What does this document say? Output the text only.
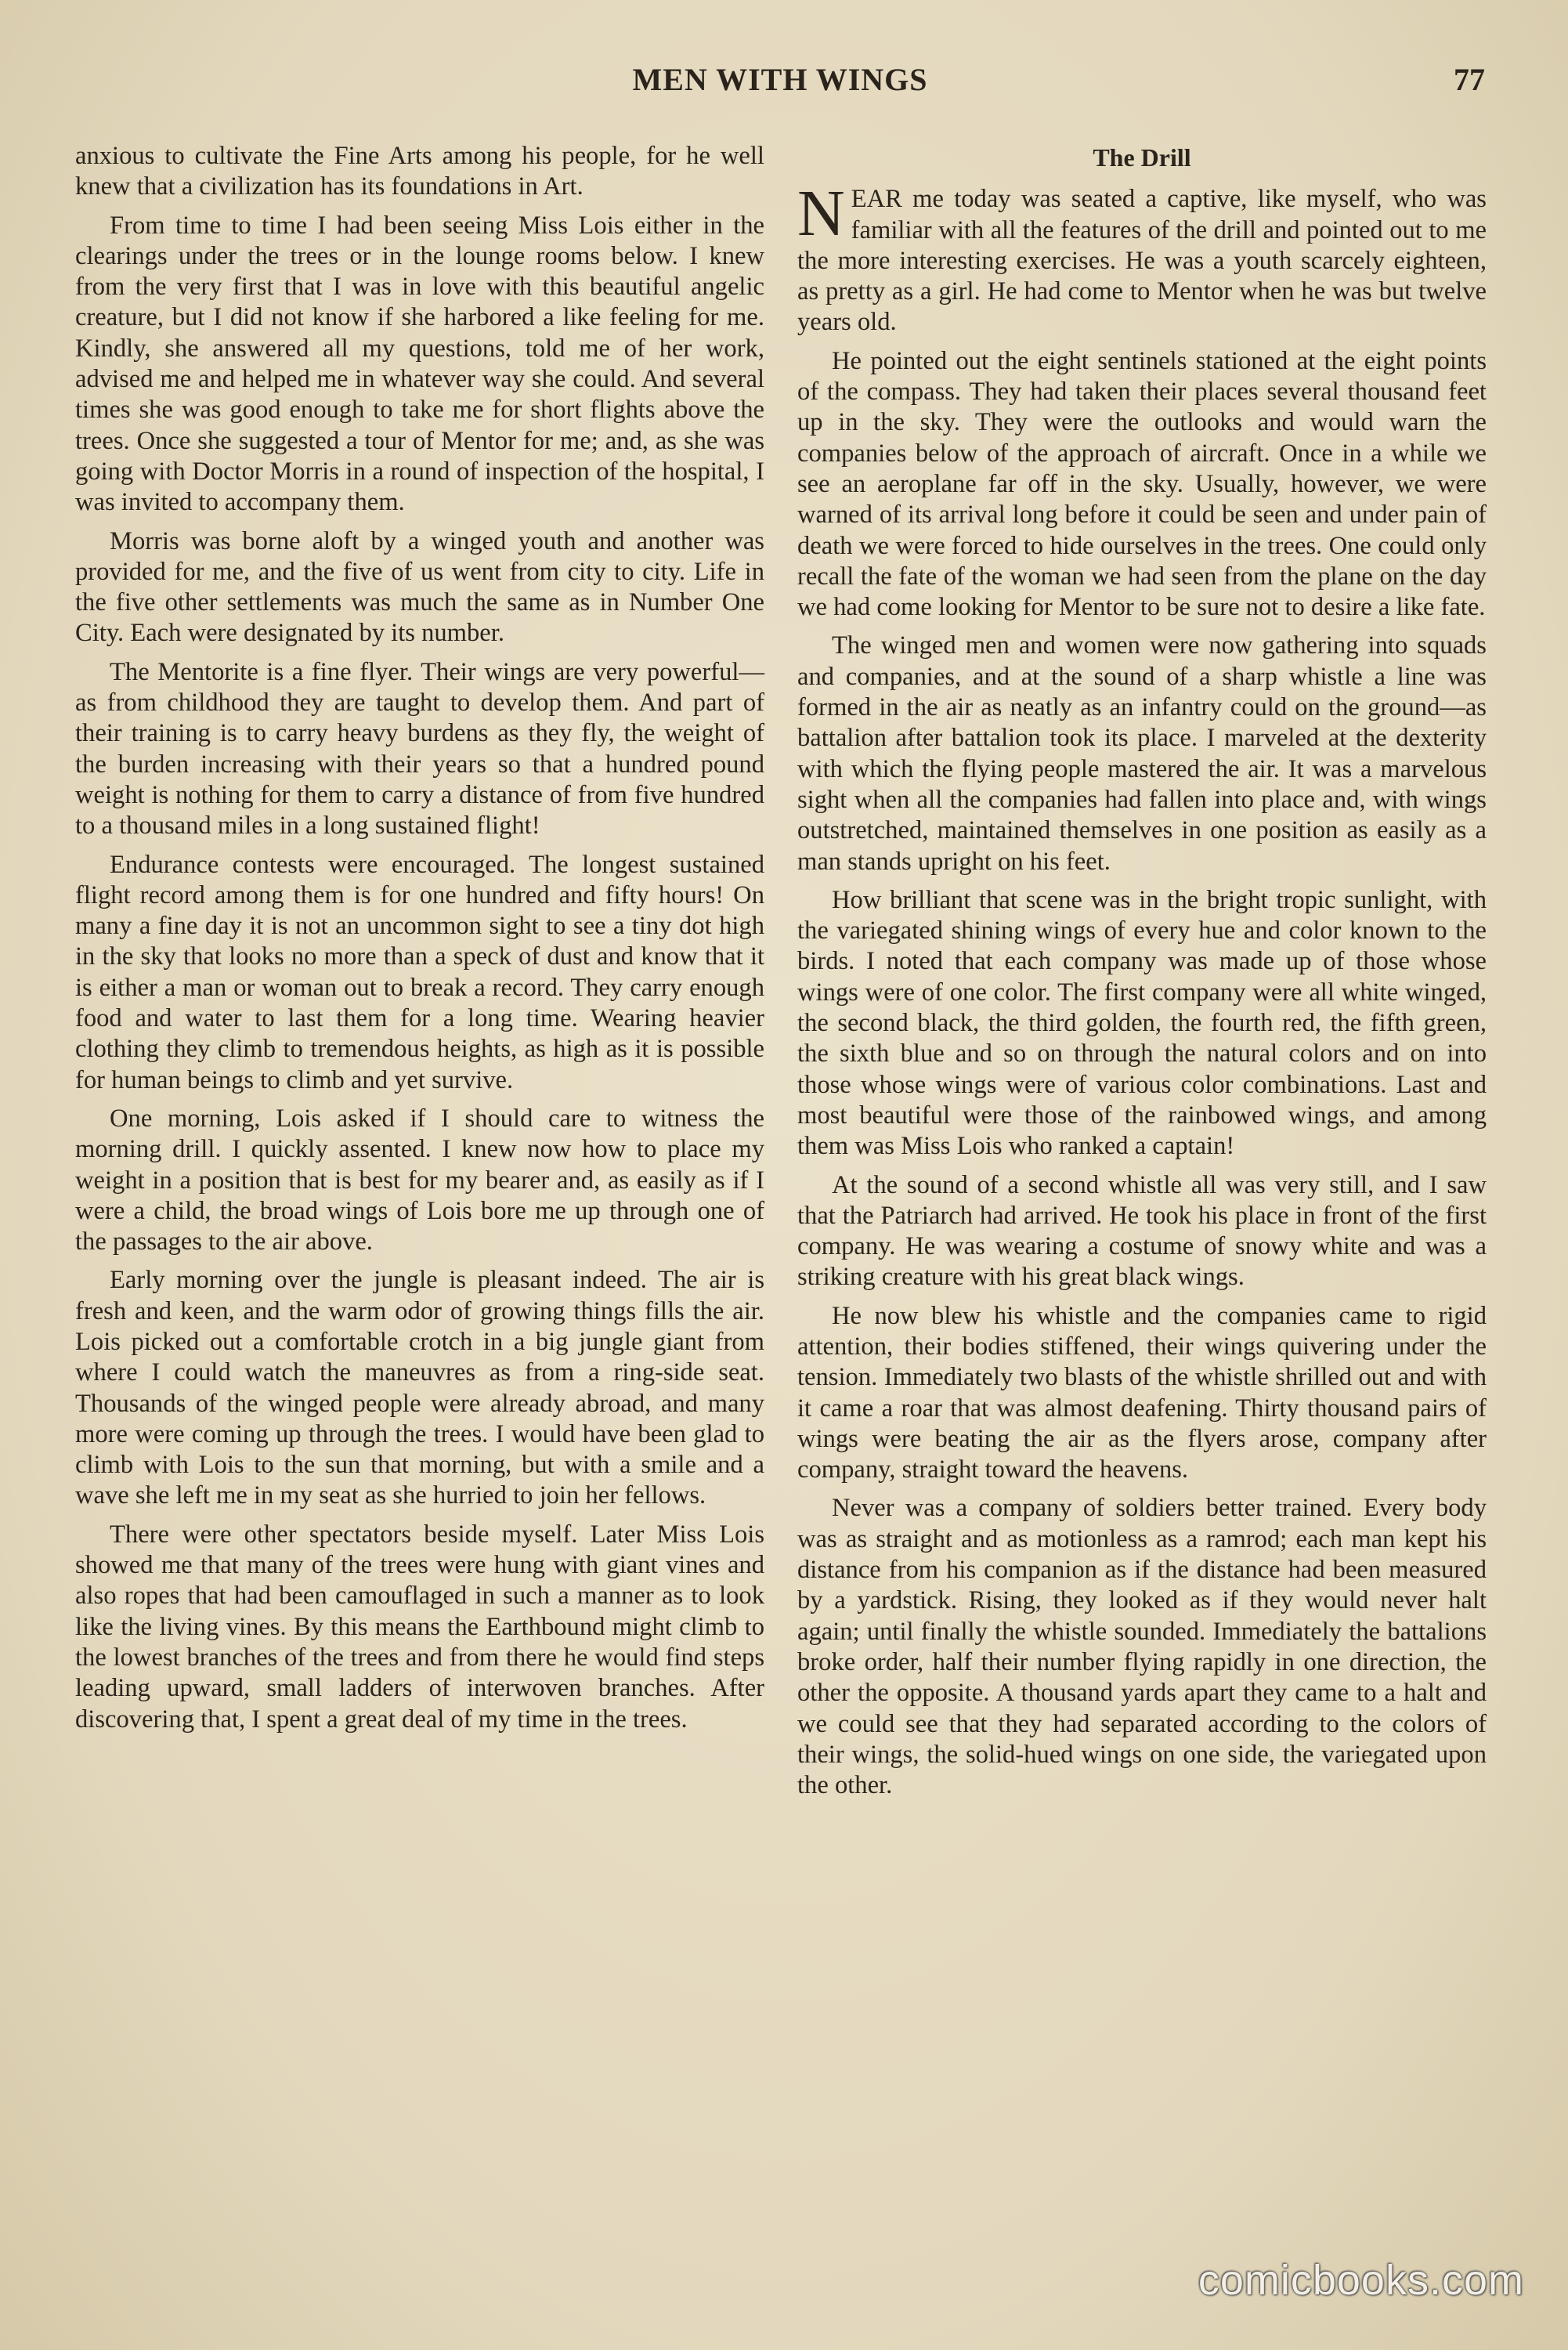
MEN WITH WINGS	77

anxious to cultivate the Fine Arts among his people, for he well knew that a civilization has its foundations in Art.

From time to time I had been seeing Miss Lois either in the clearings under the trees or in the lounge rooms below. I knew from the very first that I was in love with this beautiful angelic creature, but I did not know if she harbored a like feeling for me. Kindly, she answered all my questions, told me of her work, advised me and helped me in whatever way she could. And several times she was good enough to take me for short flights above the trees. Once she suggested a tour of Mentor for me; and, as she was going with Doctor Morris in a round of inspection of the hospital, I was invited to accompany them.

Morris was borne aloft by a winged youth and another was provided for me, and the five of us went from city to city. Life in the five other settlements was much the same as in Number One City. Each were designated by its number.

The Mentorite is a fine flyer. Their wings are very powerful—as from childhood they are taught to develop them. And part of their training is to carry heavy burdens as they fly, the weight of the burden increasing with their years so that a hundred pound weight is nothing for them to carry a distance of from five hundred to a thousand miles in a long sustained flight!

Endurance contests were encouraged. The longest sustained flight record among them is for one hundred and fifty hours! On many a fine day it is not an uncommon sight to see a tiny dot high in the sky that looks no more than a speck of dust and know that it is either a man or woman out to break a record. They carry enough food and water to last them for a long time. Wearing heavier clothing they climb to tremendous heights, as high as it is possible for human beings to climb and yet survive.

One morning, Lois asked if I should care to witness the morning drill. I quickly assented. I knew now how to place my weight in a position that is best for my bearer and, as easily as if I were a child, the broad wings of Lois bore me up through one of the passages to the air above.

Early morning over the jungle is pleasant indeed. The air is fresh and keen, and the warm odor of growing things fills the air. Lois picked out a comfortable crotch in a big jungle giant from where I could watch the maneuvres as from a ring-side seat. Thousands of the winged people were already abroad, and many more were coming up through the trees. I would have been glad to climb with Lois to the sun that morning, but with a smile and a wave she left me in my seat as she hurried to join her fellows.

There were other spectators beside myself. Later Miss Lois showed me that many of the trees were hung with giant vines and also ropes that had been camouflaged in such a manner as to look like the living vines. By this means the Earthbound might climb to the lowest branches of the trees and from there he would find steps leading upward, small ladders of interwoven branches. After discovering that, I spent a great deal of my time in the trees.

The Drill

NEAR me today was seated a captive, like myself, who was familiar with all the features of the drill and pointed out to me the more interesting exercises. He was a youth scarcely eighteen, as pretty as a girl. He had come to Mentor when he was but twelve years old.

He pointed out the eight sentinels stationed at the eight points of the compass. They had taken their places several thousand feet up in the sky. They were the outlooks and would warn the companies below of the approach of aircraft. Once in a while we see an aeroplane far off in the sky. Usually, however, we were warned of its arrival long before it could be seen and under pain of death we were forced to hide ourselves in the trees. One could only recall the fate of the woman we had seen from the plane on the day we had come looking for Mentor to be sure not to desire a like fate.

The winged men and women were now gathering into squads and companies, and at the sound of a sharp whistle a line was formed in the air as neatly as an infantry could on the ground—as battalion after battalion took its place. I marveled at the dexterity with which the flying people mastered the air. It was a marvelous sight when all the companies had fallen into place and, with wings outstretched, maintained themselves in one position as easily as a man stands upright on his feet.

How brilliant that scene was in the bright tropic sunlight, with the variegated shining wings of every hue and color known to the birds. I noted that each company was made up of those whose wings were of one color. The first company were all white winged, the second black, the third golden, the fourth red, the fifth green, the sixth blue and so on through the natural colors and on into those whose wings were of various color combinations. Last and most beautiful were those of the rainbowed wings, and among them was Miss Lois who ranked a captain!

At the sound of a second whistle all was very still, and I saw that the Patriarch had arrived. He took his place in front of the first company. He was wearing a costume of snowy white and was a striking creature with his great black wings.

He now blew his whistle and the companies came to rigid attention, their bodies stiffened, their wings quivering under the tension. Immediately two blasts of the whistle shrilled out and with it came a roar that was almost deafening. Thirty thousand pairs of wings were beating the air as the flyers arose, company after company, straight toward the heavens.

Never was a company of soldiers better trained. Every body was as straight and as motionless as a ramrod; each man kept his distance from his companion as if the distance had been measured by a yardstick. Rising, they looked as if they would never halt again; until finally the whistle sounded. Immediately the battalions broke order, half their number flying rapidly in one direction, the other the opposite. A thousand yards apart they came to a halt and we could see that they had separated according to the colors of their wings, the solid-hued wings on one side, the variegated upon the other.

comicbooks.com
